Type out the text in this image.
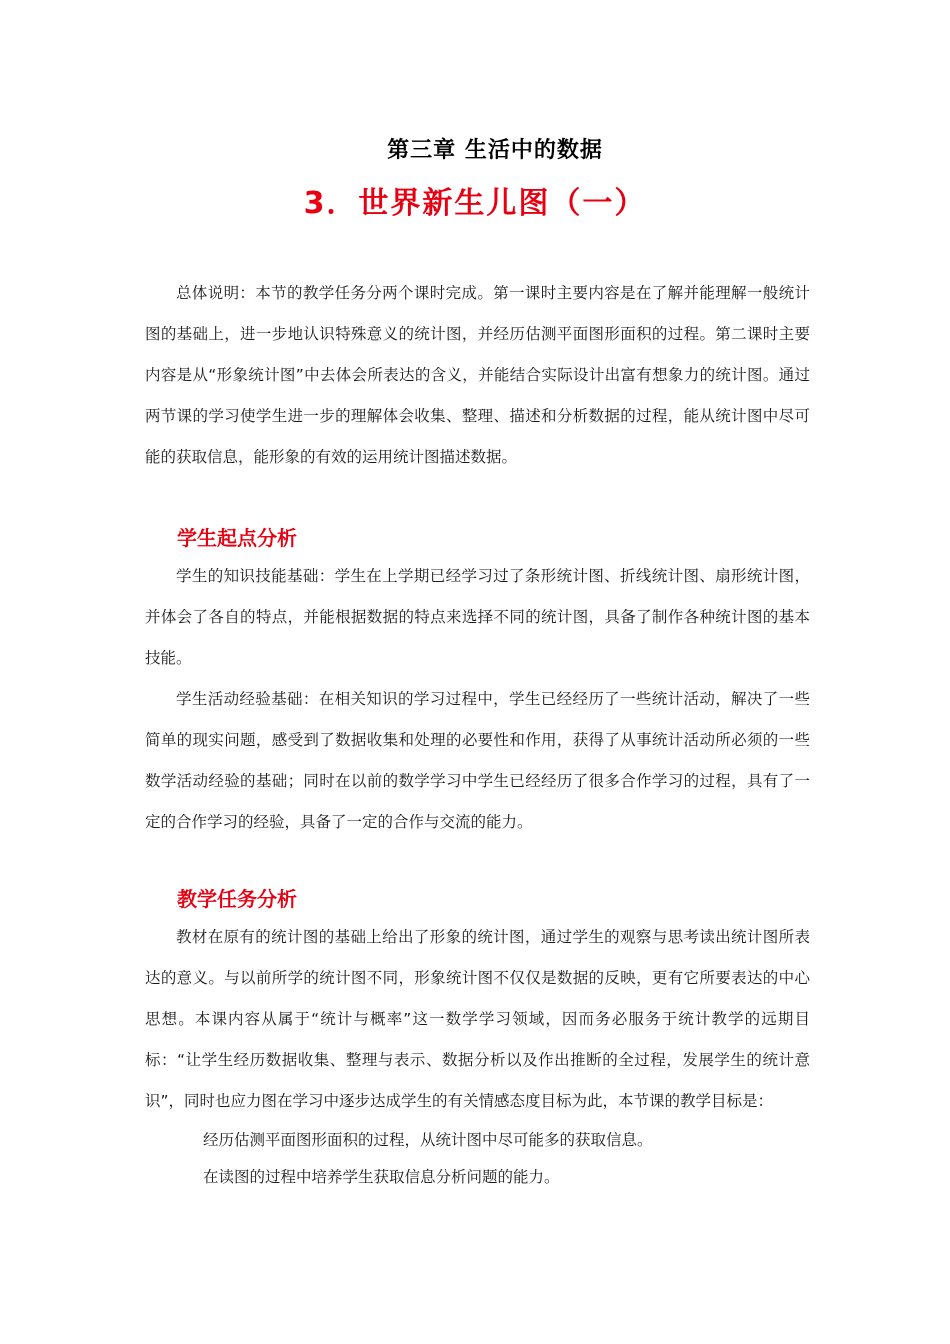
第三章 生活中的数据
3．世界新生儿图（一）

总体说明：本节的教学任务分两个课时完成。第一课时主要内容是在了解并能理解一般统计图的基础上，进一步地认识特殊意义的统计图，并经历估测平面图形面积的过程。第二课时主要内容是从“形象统计图”中去体会所表达的含义，并能结合实际设计出富有想象力的统计图。通过两节课的学习使学生进一步的理解体会收集、整理、描述和分析数据的过程，能从统计图中尽可能的获取信息，能形象的有效的运用统计图描述数据。

学生起点分析

学生的知识技能基础：学生在上学期已经学习过了条形统计图、折线统计图、扇形统计图，并体会了各自的特点，并能根据数据的特点来选择不同的统计图，具备了制作各种统计图的基本技能。

学生活动经验基础：在相关知识的学习过程中，学生已经经历了一些统计活动，解决了一些简单的现实问题，感受到了数据收集和处理的必要性和作用，获得了从事统计活动所必须的一些数学活动经验的基础；同时在以前的数学学习中学生已经经历了很多合作学习的过程，具有了一定的合作学习的经验，具备了一定的合作与交流的能力。

教学任务分析

教材在原有的统计图的基础上给出了形象的统计图，通过学生的观察与思考读出统计图所表达的意义。与以前所学的统计图不同，形象统计图不仅仅是数据的反映，更有它所要表达的中心思想。本课内容从属于“统计与概率”这一数学学习领域，因而务必服务于统计教学的远期目标：“让学生经历数据收集、整理与表示、数据分析以及作出推断的全过程，发展学生的统计意识”，同时也应力图在学习中逐步达成学生的有关情感态度目标为此，本节课的教学目标是：

经历估测平面图形面积的过程，从统计图中尽可能多的获取信息。

在读图的过程中培养学生获取信息分析问题的能力。
